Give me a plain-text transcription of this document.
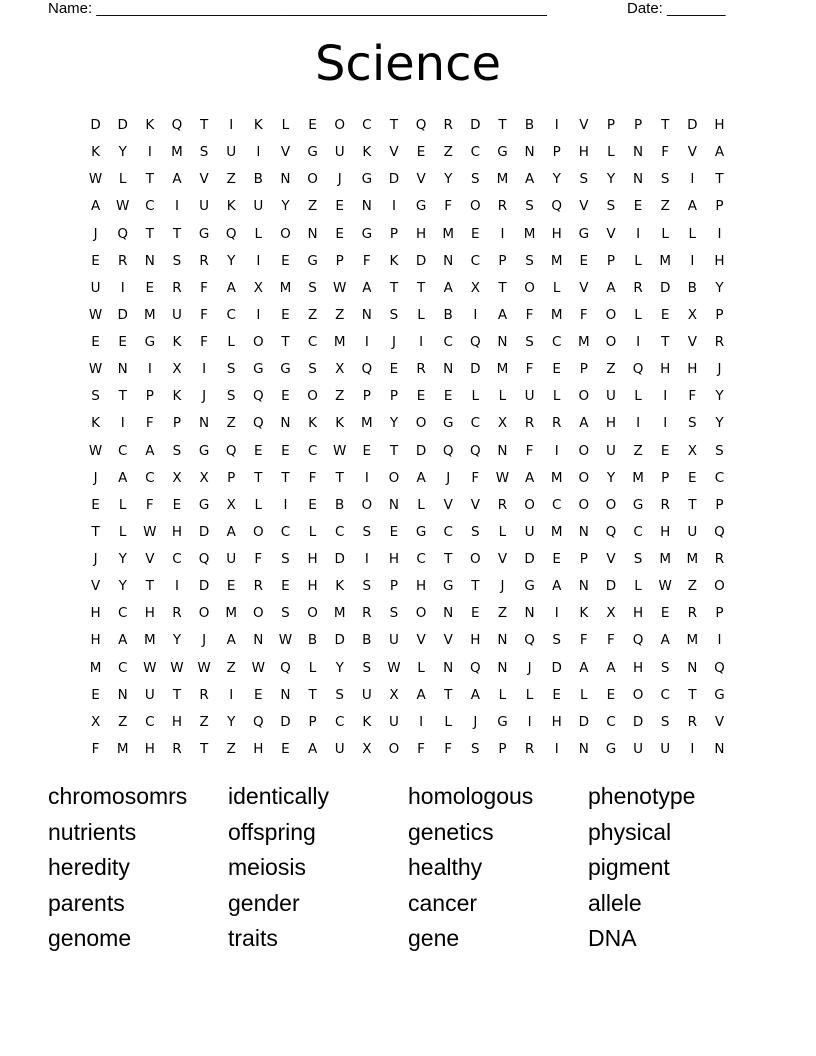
Name: ______________________________________________________	Date: _______
Science
D	D	K	Q	T	I	K	L	E	O	C	T	Q	R	D	T	B	I	V	P	P	T	D	H
K	Y	I	M	S	U	I	V	G	U	K	V	E	Z	C	G	N	P	H	L	N	F	V	A
W	L	T	A	V	Z	B	N	O	J	G	D	V	Y	S	M	A	Y	S	Y	N	S	I	T
A	W	C	I	U	K	U	Y	Z	E	N	I	G	F	O	R	S	Q	V	S	E	Z	A	P
J	Q	T	T	G	Q	L	O	N	E	G	P	H	M	E	I	M	H	G	V	I	L	L	I
E	R	N	S	R	Y	I	E	G	P	F	K	D	N	C	P	S	M	E	P	L	M	I	H
U	I	E	R	F	A	X	M	S	W	A	T	T	A	X	T	O	L	V	A	R	D	B	Y
W	D	M	U	F	C	I	E	Z	Z	N	S	L	B	I	A	F	M	F	O	L	E	X	P
E	E	G	K	F	L	O	T	C	M	I	J	I	C	Q	N	S	C	M	O	I	T	V	R
W	N	I	X	I	S	G	G	S	X	Q	E	R	N	D	M	F	E	P	Z	Q	H	H	J
S	T	P	K	J	S	Q	E	O	Z	P	P	E	E	L	L	U	L	O	U	L	I	F	Y
K	I	F	P	N	Z	Q	N	K	K	M	Y	O	G	C	X	R	R	A	H	I	I	S	Y
W	C	A	S	G	Q	E	E	C	W	E	T	D	Q	Q	N	F	I	O	U	Z	E	X	S
J	A	C	X	X	P	T	T	F	T	I	O	A	J	F	W	A	M	O	Y	M	P	E	C
E	L	F	E	G	X	L	I	E	B	O	N	L	V	V	R	O	C	O	O	G	R	T	P
T	L	W	H	D	A	O	C	L	C	S	E	G	C	S	L	U	M	N	Q	C	H	U	Q
J	Y	V	C	Q	U	F	S	H	D	I	H	C	T	O	V	D	E	P	V	S	M	M	R
V	Y	T	I	D	E	R	E	H	K	S	P	H	G	T	J	G	A	N	D	L	W	Z	O
H	C	H	R	O	M	O	S	O	M	R	S	O	N	E	Z	N	I	K	X	H	E	R	P
H	A	M	Y	J	A	N	W	B	D	B	U	V	V	H	N	Q	S	F	F	Q	A	M	I
M	C	W	W	W	Z	W	Q	L	Y	S	W	L	N	Q	N	J	D	A	A	H	S	N	Q
E	N	U	T	R	I	E	N	T	S	U	X	A	T	A	L	L	E	L	E	O	C	T	G
X	Z	C	H	Z	Y	Q	D	P	C	K	U	I	L	J	G	I	H	D	C	D	S	R	V
F	M	H	R	T	Z	H	E	A	U	X	O	F	F	S	P	R	I	N	G	U	U	I	N
chromosomrs	identically	homologous	phenotype
nutrients	offspring	genetics	physical
heredity	meiosis	healthy	pigment
parents	gender	cancer	allele
genome	traits	gene	DNA
